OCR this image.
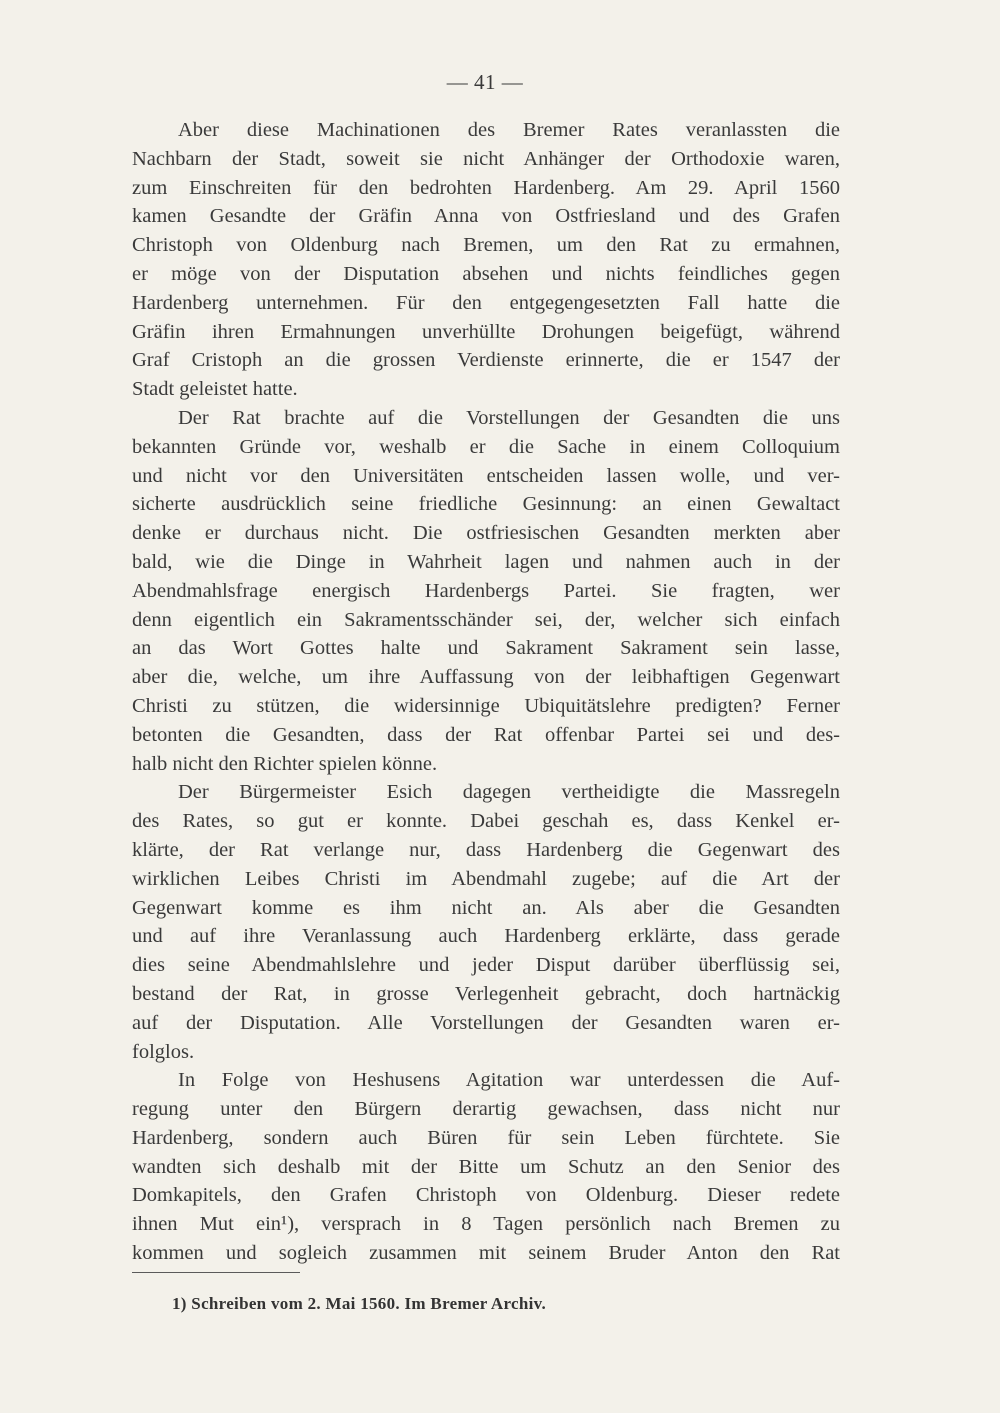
— 41 —
Aber diese Machinationen des Bremer Rates veranlassten die
Nachbarn der Stadt, soweit sie nicht Anhänger der Orthodoxie waren,
zum Einschreiten für den bedrohten Hardenberg. Am 29. April 1560
kamen Gesandte der Gräfin Anna von Ostfriesland und des Grafen
Christoph von Oldenburg nach Bremen, um den Rat zu ermahnen,
er möge von der Disputation absehen und nichts feindliches gegen
Hardenberg unternehmen. Für den entgegengesetzten Fall hatte die
Gräfin ihren Ermahnungen unverhüllte Drohungen beigefügt, während
Graf Cristoph an die grossen Verdienste erinnerte, die er 1547 der
Stadt geleistet hatte.
Der Rat brachte auf die Vorstellungen der Gesandten die uns
bekannten Gründe vor, weshalb er die Sache in einem Colloquium
und nicht vor den Universitäten entscheiden lassen wolle, und ver-
sicherte ausdrücklich seine friedliche Gesinnung: an einen Gewaltact
denke er durchaus nicht. Die ostfriesischen Gesandten merkten aber
bald, wie die Dinge in Wahrheit lagen und nahmen auch in der
Abendmahlsfrage energisch Hardenbergs Partei. Sie fragten, wer
denn eigentlich ein Sakramentsschänder sei, der, welcher sich einfach
an das Wort Gottes halte und Sakrament Sakrament sein lasse,
aber die, welche, um ihre Auffassung von der leibhaftigen Gegenwart
Christi zu stützen, die widersinnige Ubiquitätslehre predigten? Ferner
betonten die Gesandten, dass der Rat offenbar Partei sei und des-
halb nicht den Richter spielen könne.
Der Bürgermeister Esich dagegen vertheidigte die Massregeln
des Rates, so gut er konnte. Dabei geschah es, dass Kenkel er-
klärte, der Rat verlange nur, dass Hardenberg die Gegenwart des
wirklichen Leibes Christi im Abendmahl zugebe; auf die Art der
Gegenwart komme es ihm nicht an. Als aber die Gesandten
und auf ihre Veranlassung auch Hardenberg erklärte, dass gerade
dies seine Abendmahlslehre und jeder Disput darüber überflüssig sei,
bestand der Rat, in grosse Verlegenheit gebracht, doch hartnäckig
auf der Disputation. Alle Vorstellungen der Gesandten waren er-
folglos.
In Folge von Heshusens Agitation war unterdessen die Auf-
regung unter den Bürgern derartig gewachsen, dass nicht nur
Hardenberg, sondern auch Büren für sein Leben fürchtete. Sie
wandten sich deshalb mit der Bitte um Schutz an den Senior des
Domkapitels, den Grafen Christoph von Oldenburg. Dieser redete
ihnen Mut ein¹), versprach in 8 Tagen persönlich nach Bremen zu
kommen und sogleich zusammen mit seinem Bruder Anton den Rat
1) Schreiben vom 2. Mai 1560. Im Bremer Archiv.
